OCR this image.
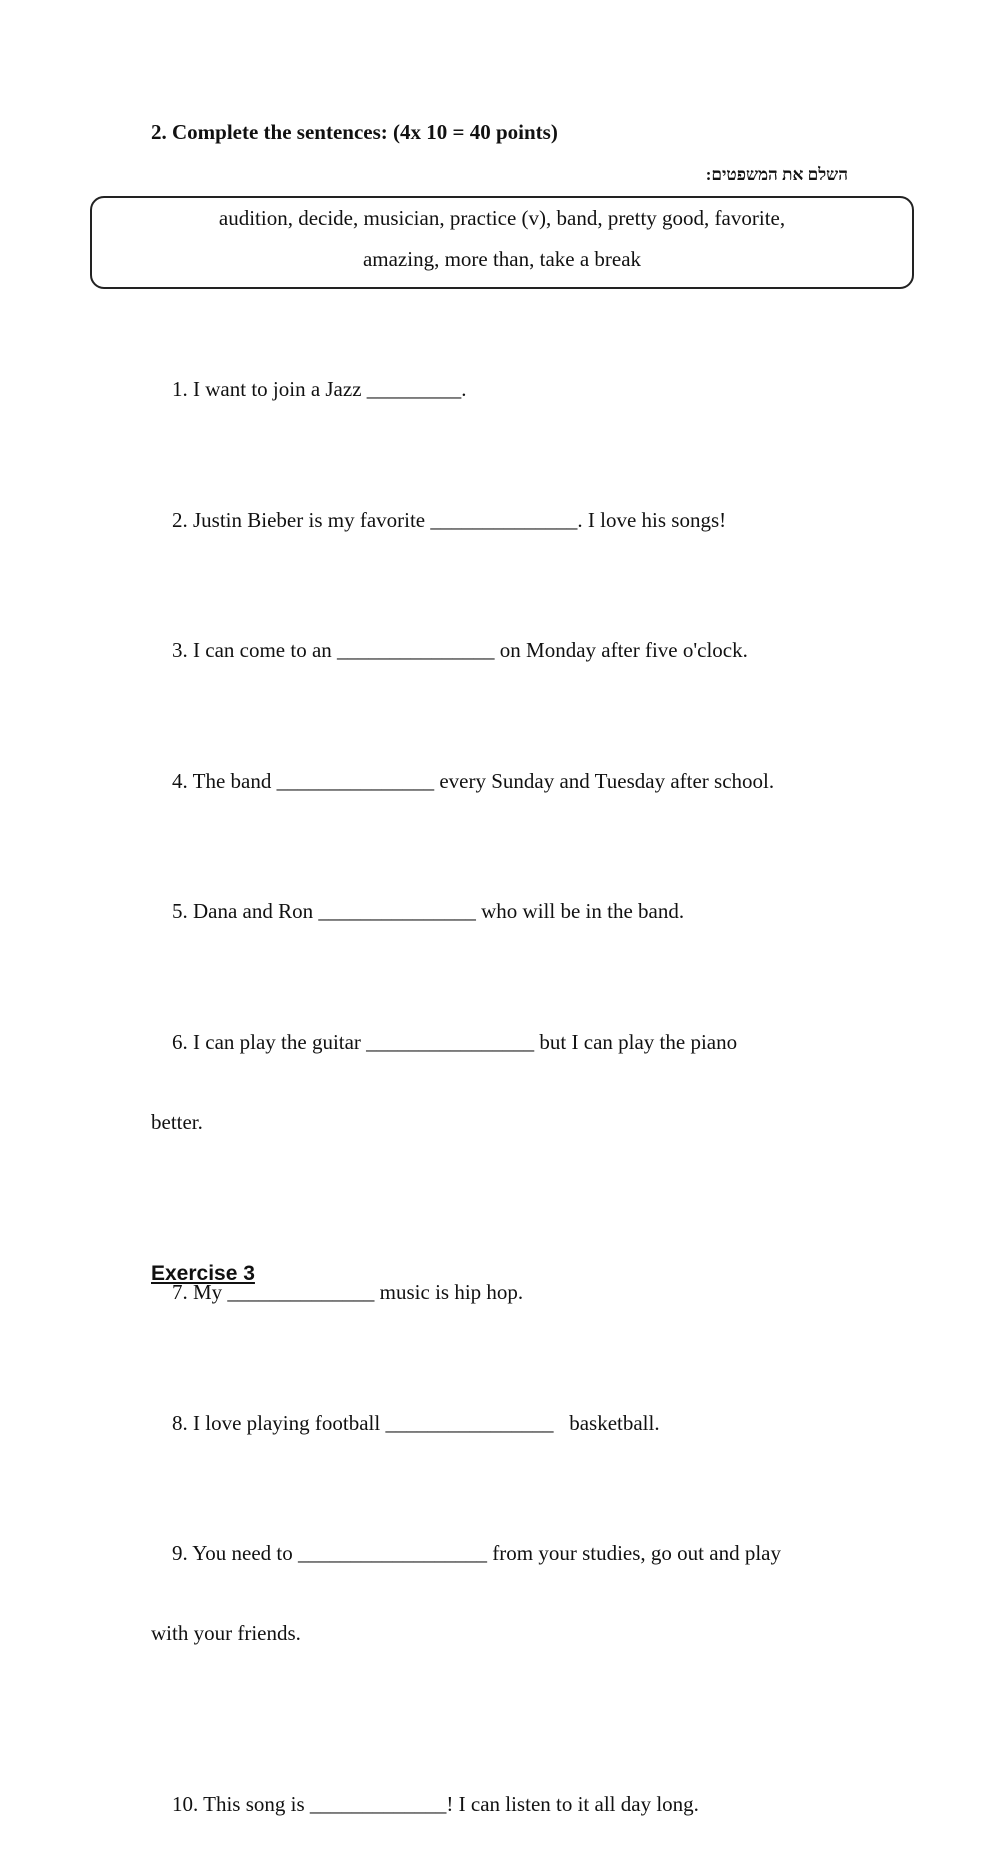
2. Complete the sentences: (4x 10 = 40 points)
השלם את המשפטים:
audition, decide, musician, practice (v), band, pretty good, favorite,
amazing, more than, take a break

1. I want to join a Jazz _________.

2. Justin Bieber is my favorite ______________. I love his songs!

3. I can come to an _______________ on Monday after five o'clock.

4. The band _______________ every Sunday and Tuesday after school.

5. Dana and Ron _______________ who will be in the band.

6. I can play the guitar ________________ but I can play the piano

better.

7. My ______________ music is hip hop.

8. I love playing football ________________   basketball.

9. You need to __________________ from your studies, go out and play

with your friends.

10. This song is _____________! I can listen to it all day long.

Exercise 3
